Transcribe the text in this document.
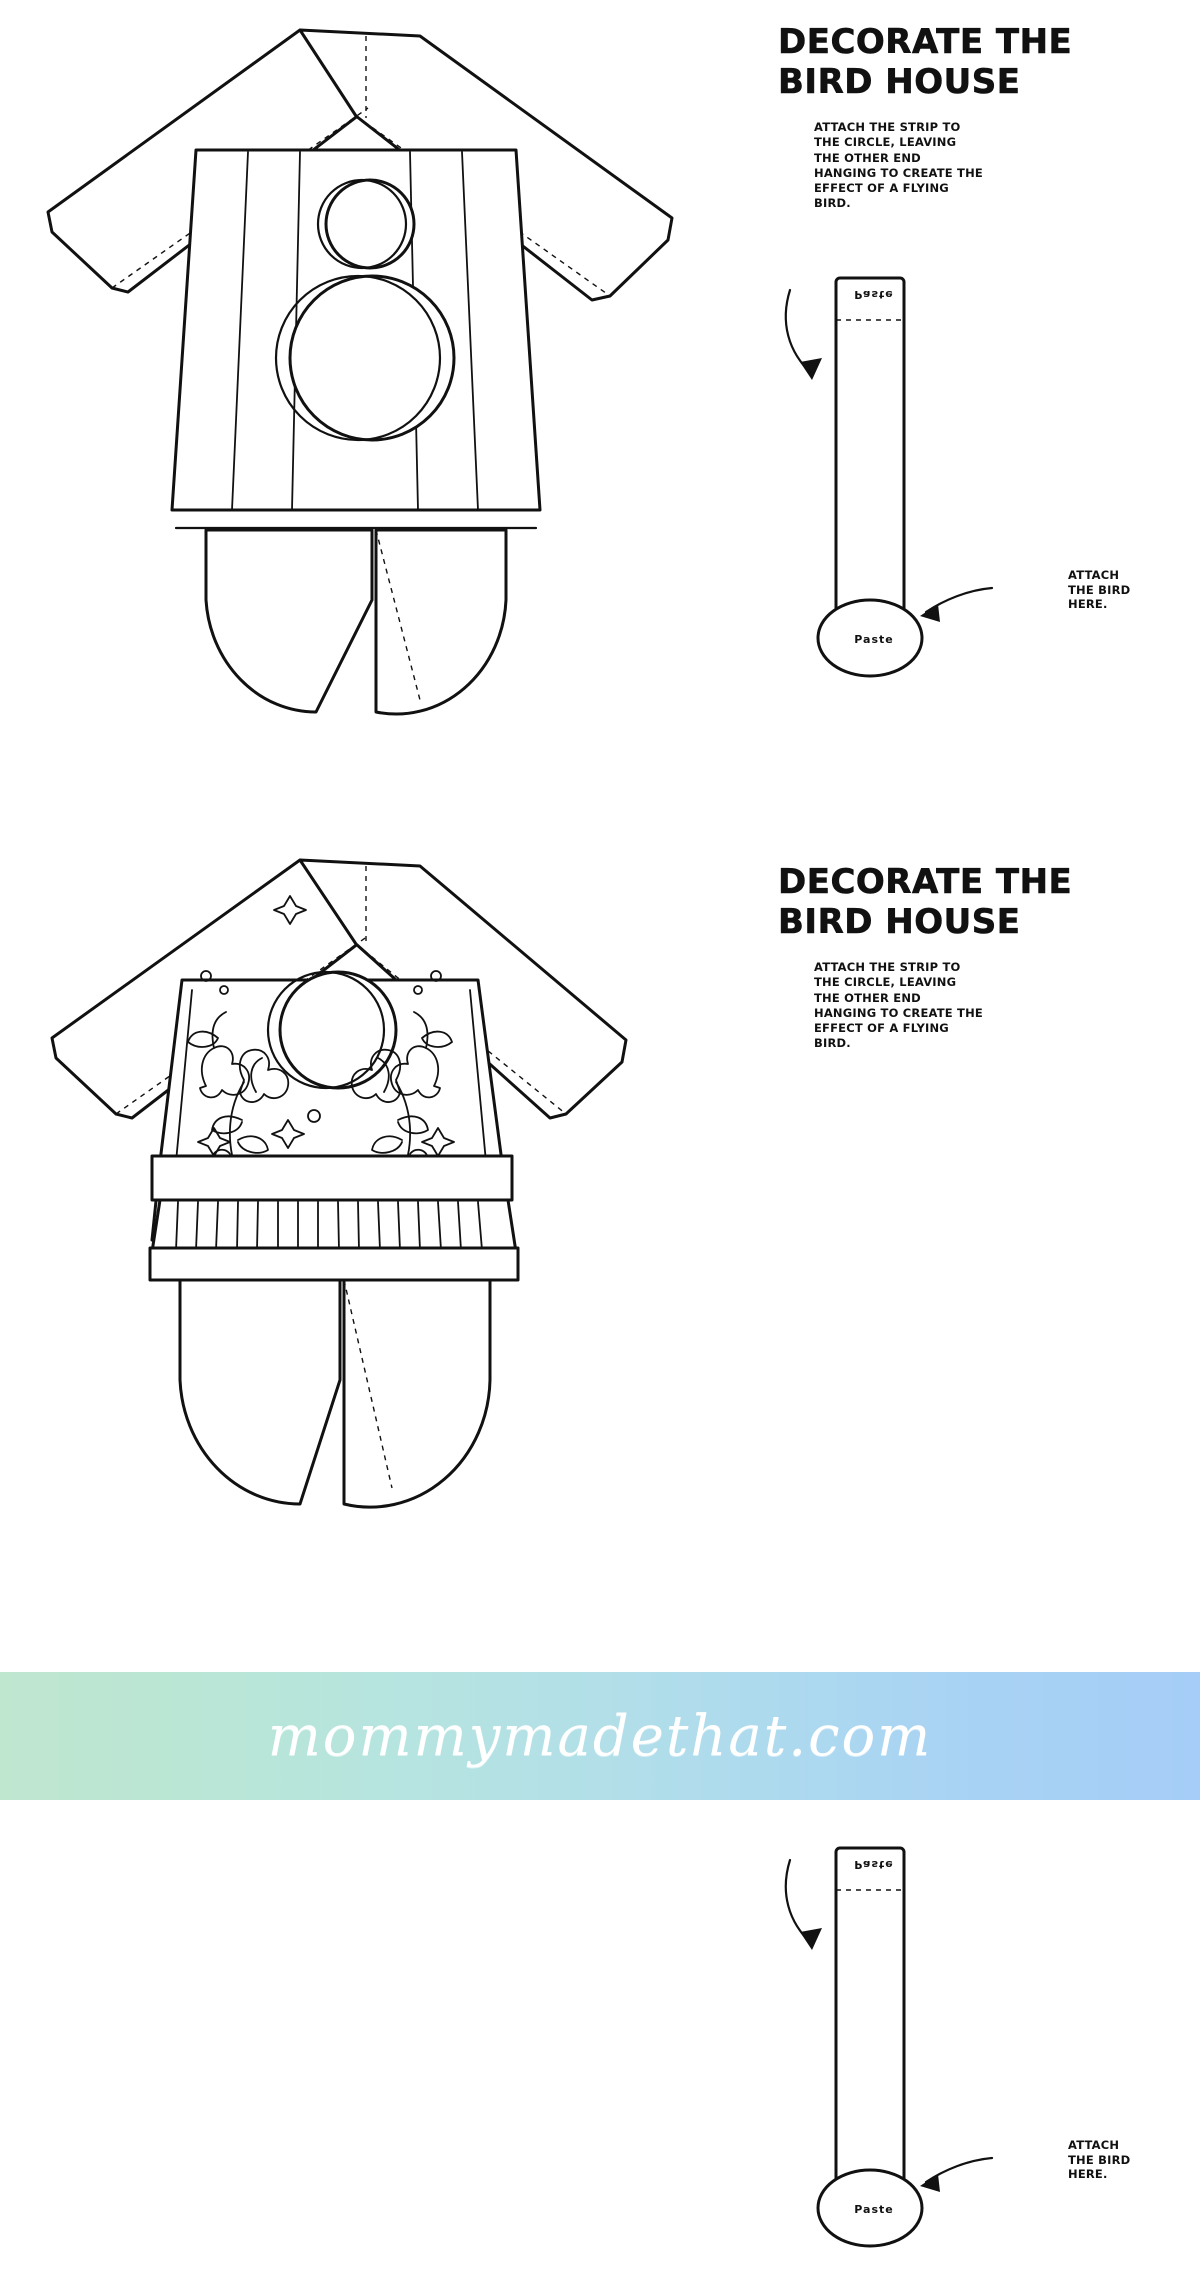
DECORATE THE
BIRD HOUSE

ATTACH THE STRIP TO THE CIRCLE, LEAVING THE OTHER END HANGING TO CREATE THE EFFECT OF A FLYING BIRD.

Paste
Paste
ATTACH THE BIRD HERE.
DECORATE THE
BIRD HOUSE

ATTACH THE STRIP TO THE CIRCLE, LEAVING THE OTHER END HANGING TO CREATE THE EFFECT OF A FLYING BIRD.

Paste
Paste
ATTACH THE BIRD HERE.
mommymadethat.com
